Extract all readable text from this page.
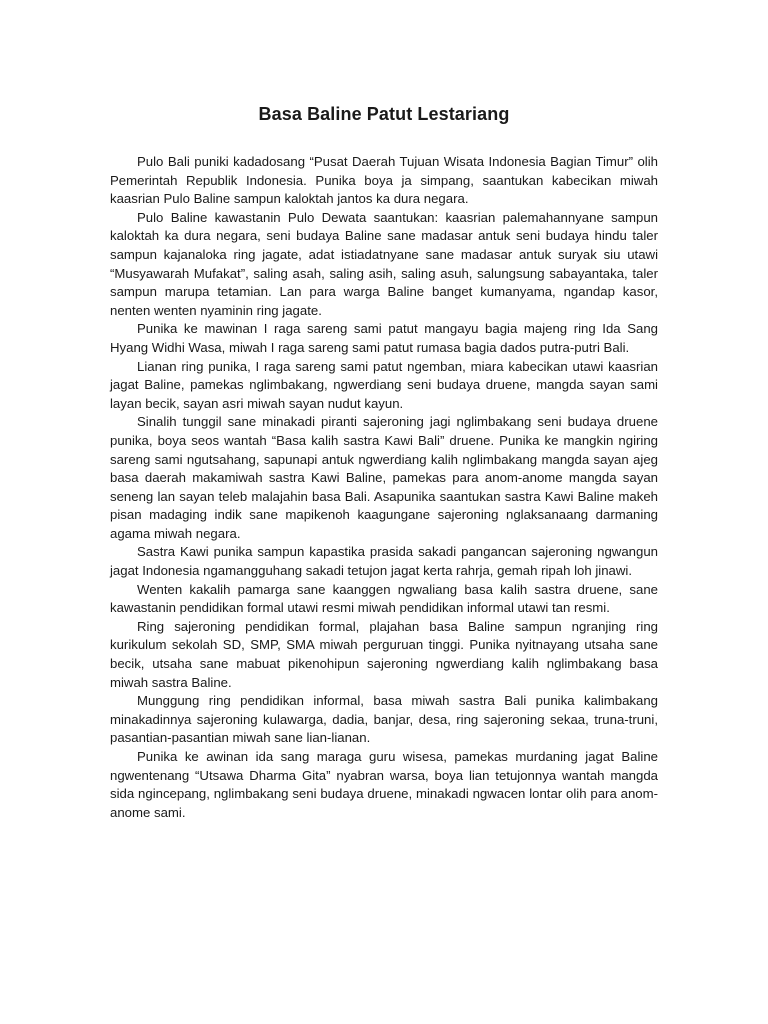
Basa Baline Patut Lestariang

Pulo Bali puniki kadadosang “Pusat Daerah Tujuan Wisata Indonesia Bagian Timur” olih Pemerintah Republik Indonesia. Punika boya ja simpang, saantukan kabecikan miwah kaasrian Pulo Baline sampun kaloktah jantos ka dura negara.

Pulo Baline kawastanin Pulo Dewata saantukan: kaasrian palemahannyane sampun kaloktah ka dura negara, seni budaya Baline sane madasar antuk seni budaya hindu taler sampun kajanaloka ring jagate, adat istiadatnyane sane madasar antuk suryak siu utawi “Musyawarah Mufakat”, saling asah, saling asih, saling asuh, salungsung sabayantaka, taler sampun marupa tetamian. Lan para warga Baline banget kumanyama, ngandap kasor, nenten wenten nyaminin ring jagate.

Punika ke mawinan I raga sareng sami patut mangayu bagia majeng ring Ida Sang Hyang Widhi Wasa, miwah I raga sareng sami patut rumasa bagia dados putra-putri Bali.

Lianan ring punika, I raga sareng sami patut ngemban, miara kabecikan utawi kaasrian jagat Baline, pamekas nglimbakang, ngwerdiang seni budaya druene, mangda sayan sami layan becik, sayan asri miwah sayan nudut kayun.

Sinalih tunggil sane minakadi piranti sajeroning jagi nglimbakang seni budaya druene punika, boya seos wantah “Basa kalih sastra Kawi Bali” druene. Punika ke mangkin ngiring sareng sami ngutsahang, sapunapi antuk ngwerdiang kalih nglimbakang mangda sayan ajeg basa daerah makamiwah sastra Kawi Baline, pamekas para anom-anome mangda sayan seneng lan sayan teleb malajahin basa Bali. Asapunika saantukan sastra Kawi Baline makeh pisan madaging indik sane mapikenoh kaagungane sajeroning nglaksanaang darmaning agama miwah negara.

Sastra Kawi punika sampun kapastika prasida sakadi pangancan sajeroning ngwangun jagat Indonesia ngamangguhang sakadi tetujon jagat kerta rahrja, gemah ripah loh jinawi.

Wenten kakalih pamarga sane kaanggen ngwaliang basa kalih sastra druene, sane kawastanin pendidikan formal utawi resmi miwah pendidikan informal utawi tan resmi.

Ring sajeroning pendidikan formal, plajahan basa Baline sampun ngranjing ring kurikulum sekolah SD, SMP, SMA miwah perguruan tinggi. Punika nyitnayang utsaha sane becik, utsaha sane mabuat pikenohipun sajeroning ngwerdiang kalih nglimbakang basa miwah sastra Baline.

Munggung ring pendidikan informal, basa miwah sastra Bali punika kalimbakang minakadinnya sajeroning kulawarga, dadia, banjar, desa, ring sajeroning sekaa, truna-truni, pasantian-pasantian miwah sane lian-lianan.

Punika ke awinan ida sang maraga guru wisesa, pamekas murdaning jagat Baline ngwentenang “Utsawa Dharma Gita” nyabran warsa, boya lian tetujonnya wantah mangda sida ngincepang, nglimbakang seni budaya druene, minakadi ngwacen lontar olih para anom-anome sami.
